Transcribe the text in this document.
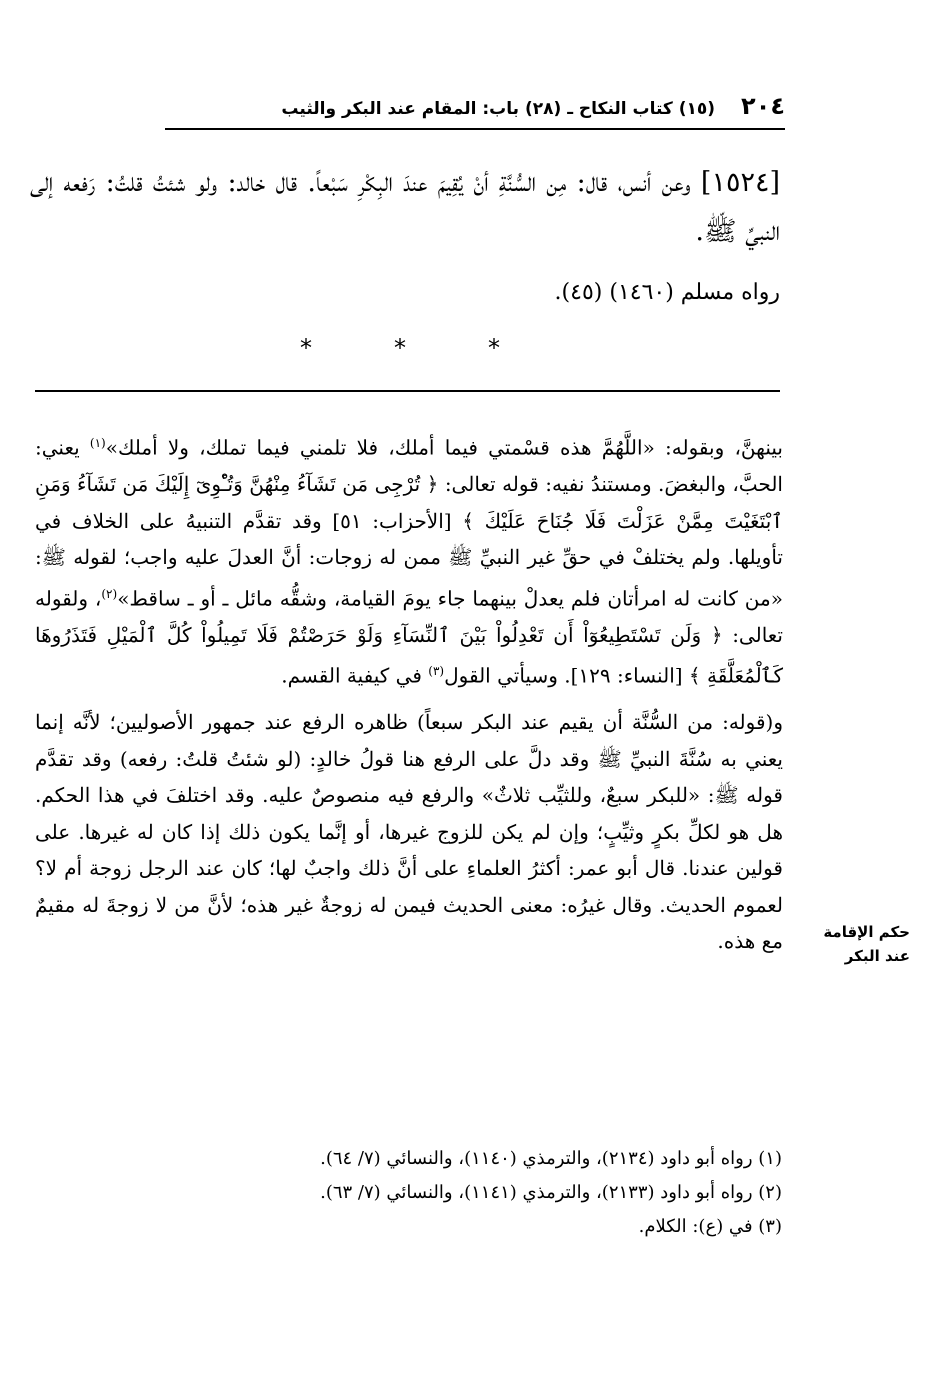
٢٠٤
(١٥) كتاب النكاح ـ (٢٨) باب: المقام عند البكر والثيب

[١٥٢٤] وعن أنس، قال: مِن السُّنَّةِ أنْ يُقِيمَ عندَ البِكْرِ سَبْعاً. قال خالد: ولو شئتُ قلتُ: رَفعه إلى النبيِّ ﷺ.

رواه مسلم (١٤٦٠) (٤٥).

*
*
*

بينهنَّ، وبقوله: «اللَّهُمَّ هذه قسْمتي فيما أملك، فلا تلمني فيما تملك، ولا أملك»$^{(١)}$ يعني: الحبَّ، والبغضَ. ومستندُ نفيه: قوله تعالى: ﴿ تُرْجِى مَن تَشَآءُ مِنْهُنَّ وَتُـْٔوِىٓ إِلَيْكَ مَن تَشَآءُ وَمَنِ ٱبْتَغَيْتَ مِمَّنْ عَزَلْتَ فَلَا جُنَاحَ عَلَيْكَ ﴾ [الأحزاب: ٥١] وقد تقدَّم التنبيهُ على الخلاف في تأويلها. ولم يختلفْ في حقِّ غير النبيِّ ﷺ ممن له زوجات: أنَّ العدلَ عليه واجب؛ لقوله ﷺ: «من كانت له امرأتان فلم يعدلْ بينهما جاء يومَ القيامة، وشقُّه مائل ـ أو ـ ساقط»$^{(٢)}$، ولقوله تعالى: ﴿ وَلَن تَسْتَطِيعُوٓاْ أَن تَعْدِلُواْ بَيْنَ ٱلنِّسَآءِ وَلَوْ حَرَصْتُمْ فَلَا تَمِيلُواْ كُلَّ ٱلْمَيْلِ فَتَذَرُوهَا كَٱلْمُعَلَّقَةِ ﴾ [النساء: ١٢٩]. وسيأتي القول$^{(٣)}$ في كيفية القسم.

و(قوله: من السُّنَّة أن يقيم عند البكر سبعاً) ظاهره الرفع عند جمهور الأصوليين؛ لأنَّه إنما يعني به سُنَّةَ النبيِّ ﷺ وقد دلَّ على الرفع هنا قولُ خالدٍ: (لو شئتُ قلتُ: رفعه) وقد تقدَّم قوله ﷺ: «للبكر سبعٌ، وللثيِّب ثلاثٌ» والرفع فيه منصوصٌ عليه. وقد اختلفَ في هذا الحكم. هل هو لكلِّ بكرٍ وثيِّبٍ؛ وإن لم يكن للزوج غيرها، أو إنَّما يكون ذلك إذا كان له غيرها. على قولين عندنا. قال أبو عمر: أكثرُ العلماءِ على أنَّ ذلك واجبٌ لها؛ كان عند الرجل زوجة أم لا؟ لعموم الحديث. وقال غيرُه: معنى الحديث فيمن له زوجةٌ غير هذه؛ لأنَّ من لا زوجةَ له مقيمٌ مع هذه.	حكم الإقامة
عند البكر
(١) رواه أبو داود (٢١٣٤)، والترمذي (١١٤٠)، والنسائي (٧/ ٦٤).
(٢) رواه أبو داود (٢١٣٣)، والترمذي (١١٤١)، والنسائي (٧/ ٦٣).
(٣) في (ع): الكلام.
